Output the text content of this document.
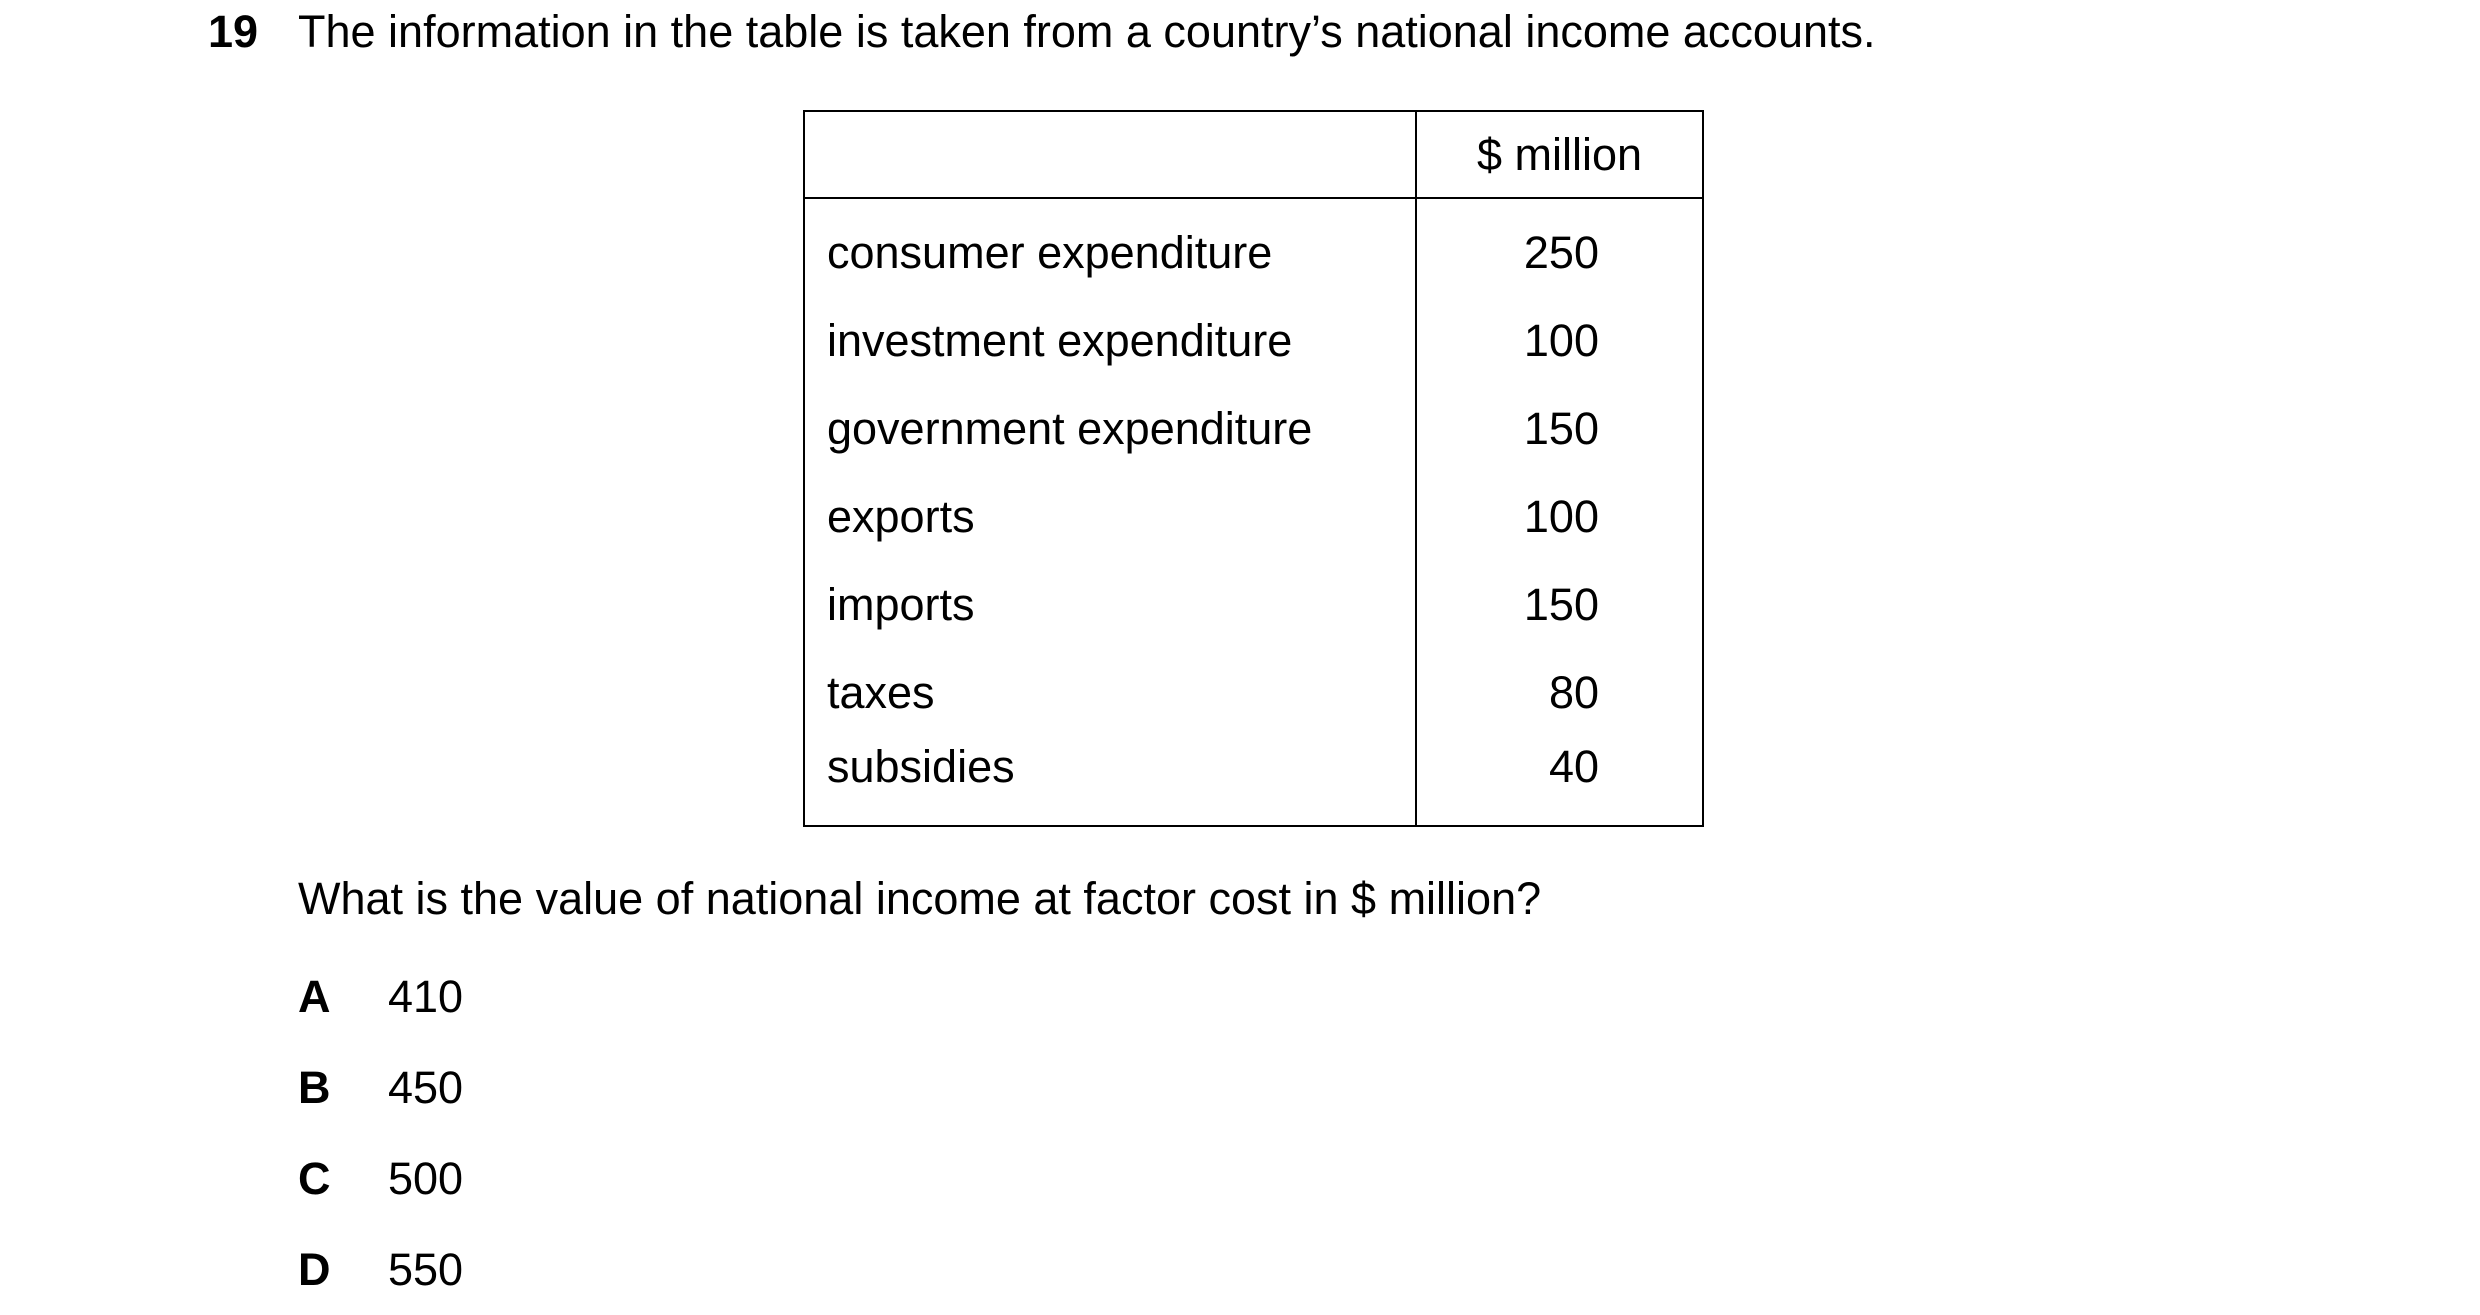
19 The information in the table is taken from a country’s national income accounts.
	$ million
consumer expenditure	250
investment expenditure	100
government expenditure	150
exports	100
imports	150
taxes	80
subsidies	40
What is the value of national income at factor cost in $ million?
A 410
B 450
C 500
D 550
